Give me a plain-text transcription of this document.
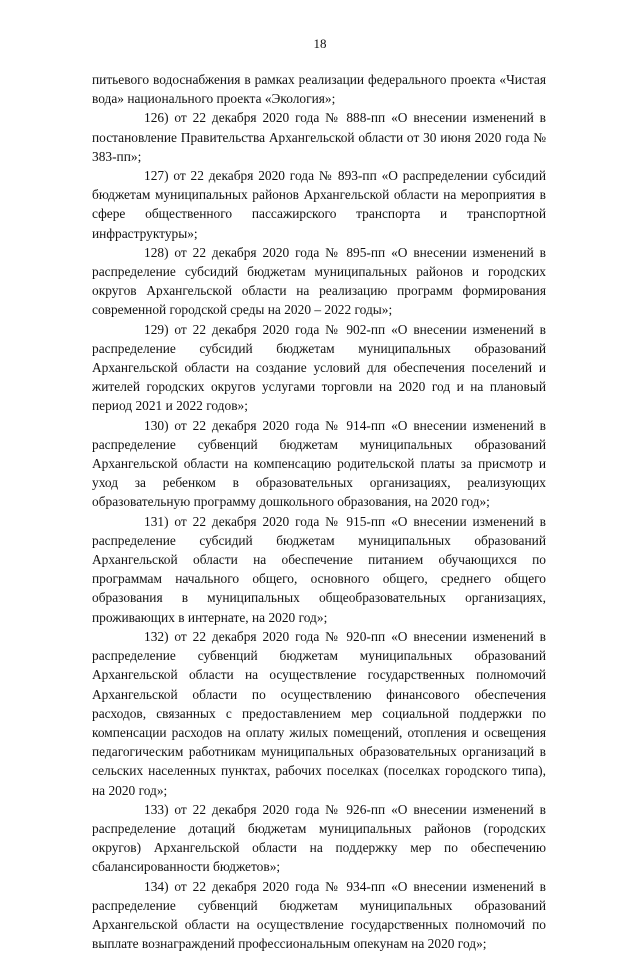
18

питьевого водоснабжения в рамках реализации федерального проекта «Чистая вода» национального проекта «Экология»;

126) от 22 декабря 2020 года № 888-пп «О внесении изменений в постановление Правительства Архангельской области от 30 июня 2020 года № 383-пп»;

127) от 22 декабря 2020 года № 893-пп «О распределении субсидий бюджетам муниципальных районов Архангельской области на мероприятия в сфере общественного пассажирского транспорта и транспортной инфраструктуры»;

128) от 22 декабря 2020 года № 895-пп «О внесении изменений в распределение субсидий бюджетам муниципальных районов и городских округов Архангельской области на реализацию программ формирования современной городской среды на 2020 – 2022 годы»;

129) от 22 декабря 2020 года № 902-пп «О внесении изменений в распределение субсидий бюджетам муниципальных образований Архангельской области на создание условий для обеспечения поселений и жителей городских округов услугами торговли на 2020 год и на плановый период 2021 и 2022 годов»;

130) от 22 декабря 2020 года № 914-пп «О внесении изменений в распределение субвенций бюджетам муниципальных образований Архангельской области на компенсацию родительской платы за присмотр и уход за ребенком в образовательных организациях, реализующих образовательную программу дошкольного образования, на 2020 год»;

131) от 22 декабря 2020 года № 915-пп «О внесении изменений в распределение субсидий бюджетам муниципальных образований Архангельской области на обеспечение питанием обучающихся по программам начального общего, основного общего, среднего общего образования в муниципальных общеобразовательных организациях, проживающих в интернате, на 2020 год»;

132) от 22 декабря 2020 года № 920-пп «О внесении изменений в распределение субвенций бюджетам муниципальных образований Архангельской области на осуществление государственных полномочий Архангельской области по осуществлению финансового обеспечения расходов, связанных с предоставлением мер социальной поддержки по компенсации расходов на оплату жилых помещений, отопления и освещения педагогическим работникам муниципальных образовательных организаций в сельских населенных пунктах, рабочих поселках (поселках городского типа), на 2020 год»;

133) от 22 декабря 2020 года № 926-пп «О внесении изменений в распределение дотаций бюджетам муниципальных районов (городских округов) Архангельской области на поддержку мер по обеспечению сбалансированности бюджетов»;

134) от 22 декабря 2020 года № 934-пп «О внесении изменений в распределение субвенций бюджетам муниципальных образований Архангельской области на осуществление государственных полномочий по выплате вознаграждений профессиональным опекунам на 2020 год»;
